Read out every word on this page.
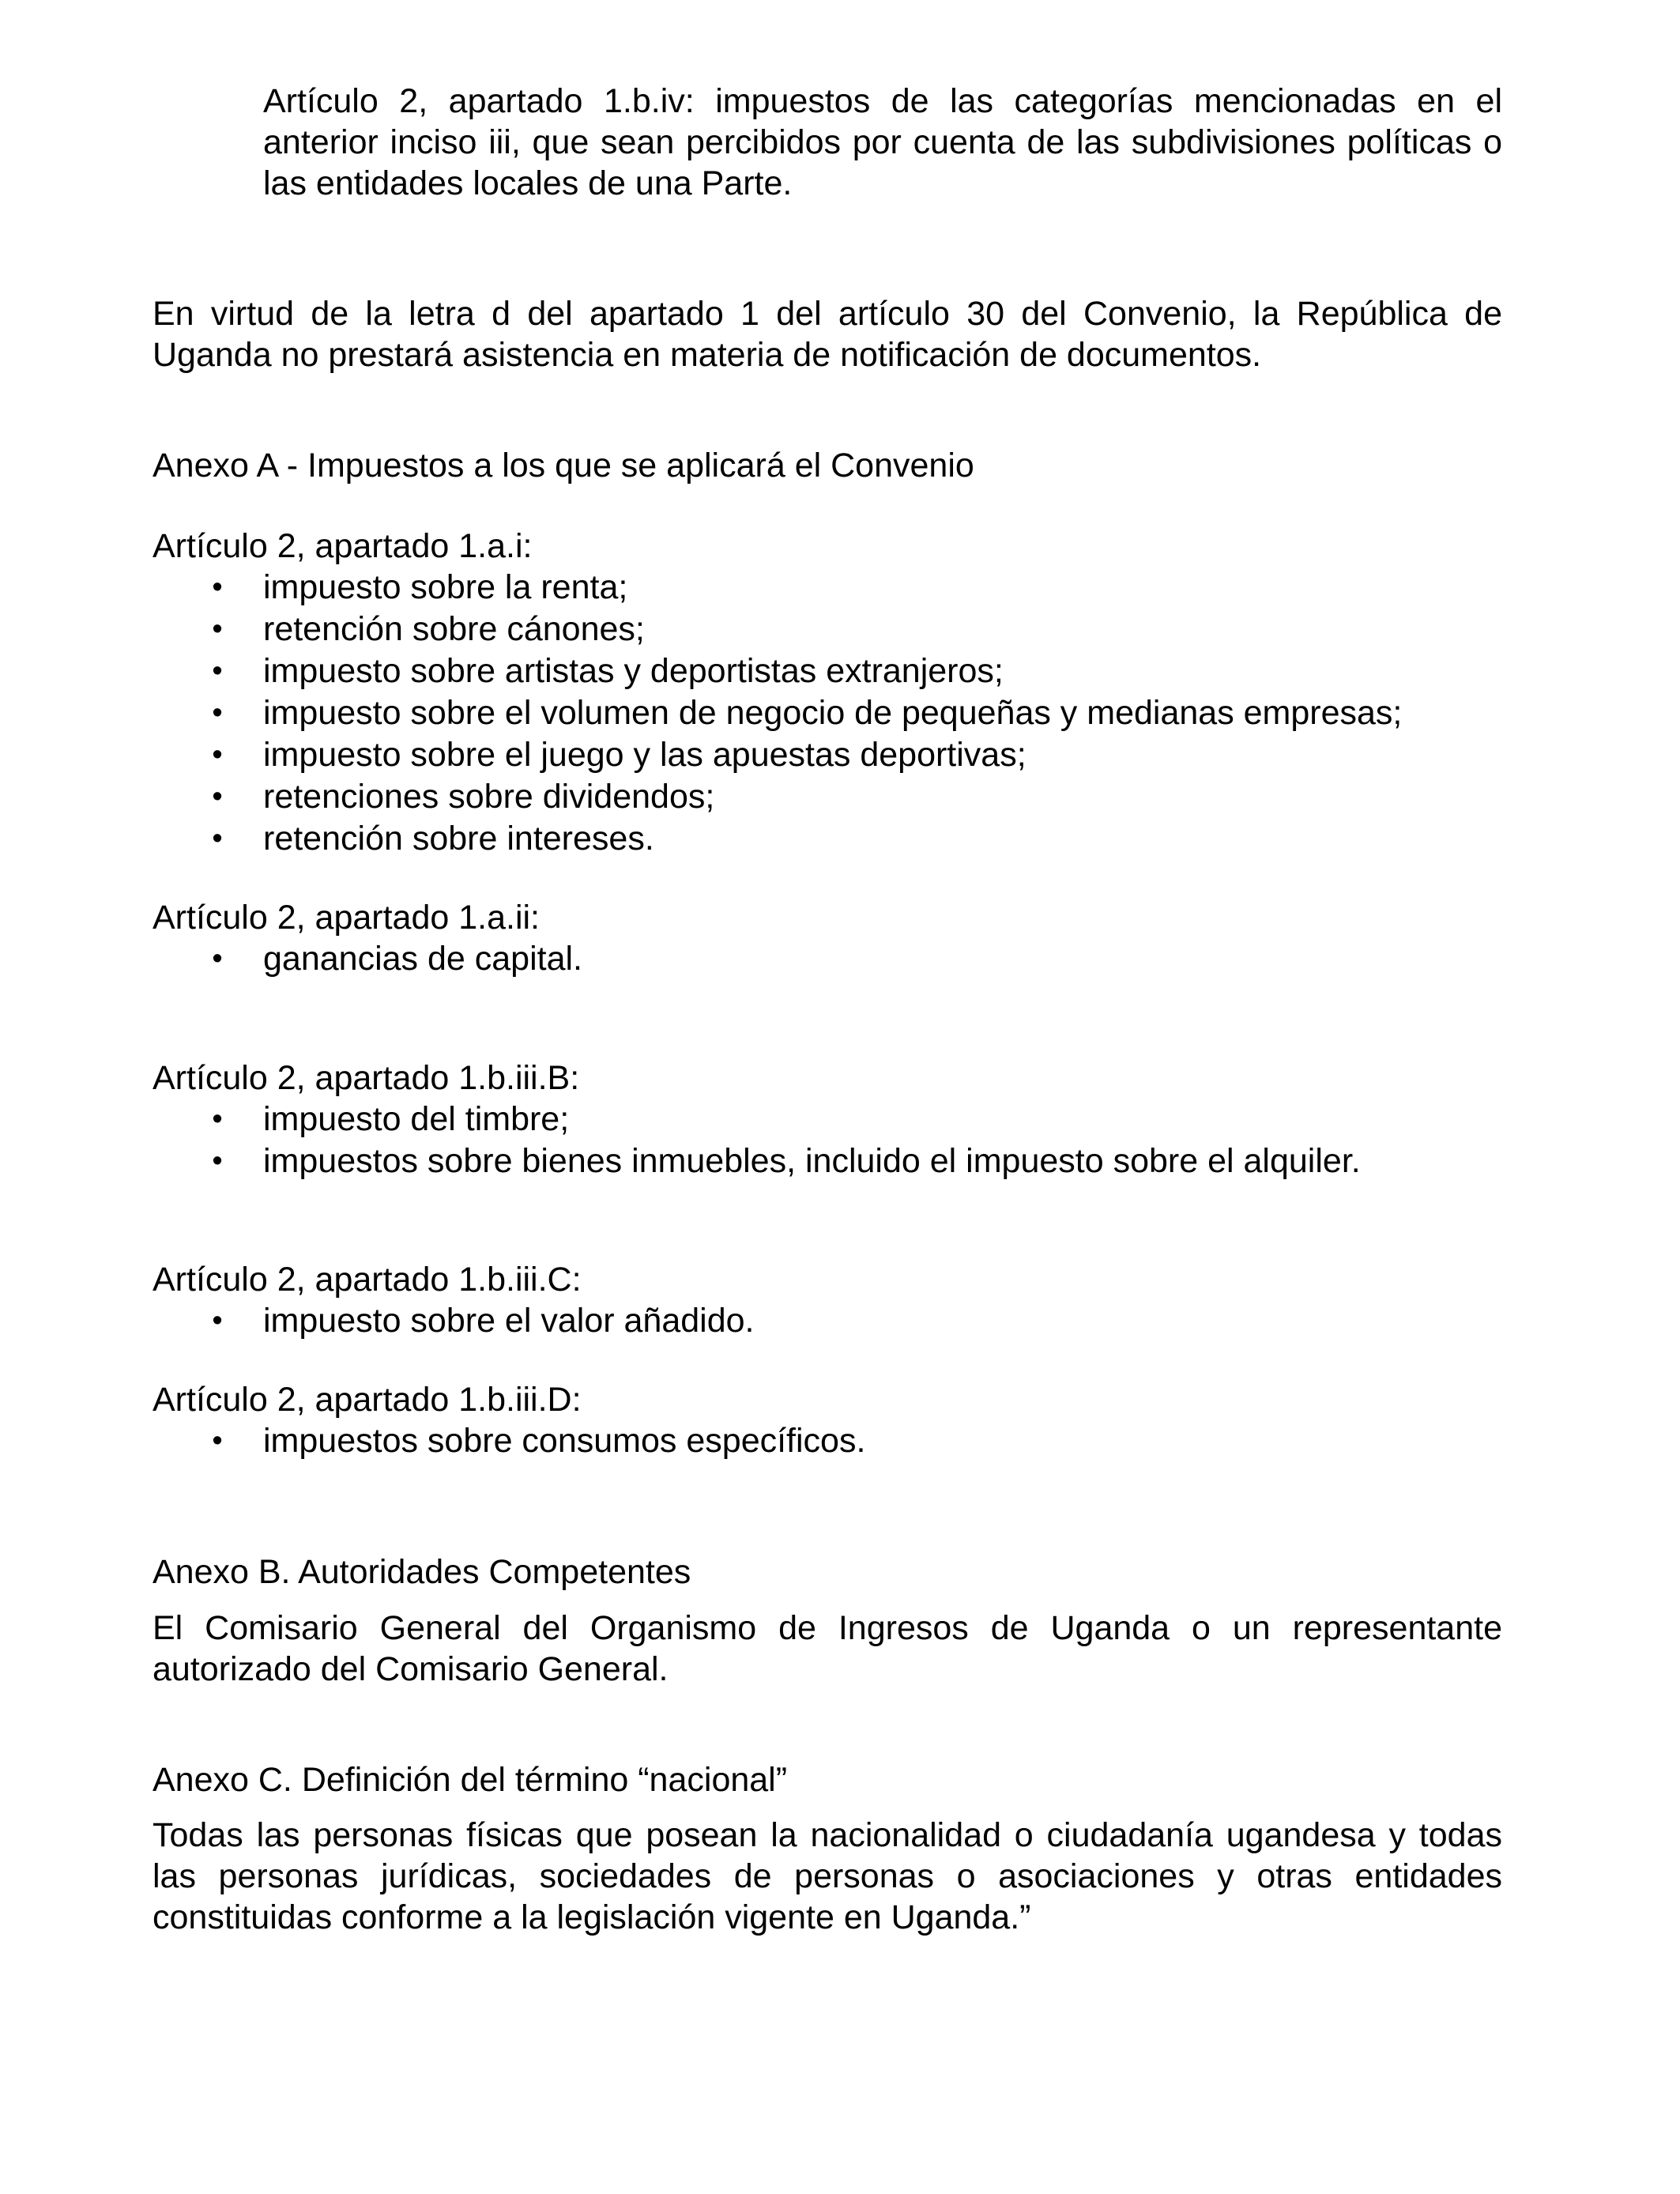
Artículo 2, apartado 1.b.iv: impuestos de las categorías mencionadas en el anterior inciso iii, que sean percibidos por cuenta de las subdivisiones políticas o las entidades locales de una Parte.
En virtud de la letra d del apartado 1 del artículo 30 del Convenio, la República de Uganda no prestará asistencia en materia de notificación de documentos.
Anexo A - Impuestos a los que se aplicará el Convenio
Artículo 2, apartado 1.a.i:
• impuesto sobre la renta;
• retención sobre cánones;
• impuesto sobre artistas y deportistas extranjeros;
• impuesto sobre el volumen de negocio de pequeñas y medianas empresas;
• impuesto sobre el juego y las apuestas deportivas;
• retenciones sobre dividendos;
• retención sobre intereses.
Artículo 2, apartado 1.a.ii:
• ganancias de capital.
Artículo 2, apartado 1.b.iii.B:
• impuesto del timbre;
• impuestos sobre bienes inmuebles, incluido el impuesto sobre el alquiler.
Artículo 2, apartado 1.b.iii.C:
• impuesto sobre el valor añadido.
Artículo 2, apartado 1.b.iii.D:
• impuestos sobre consumos específicos.
Anexo B. Autoridades Competentes
El Comisario General del Organismo de Ingresos de Uganda o un representante autorizado del Comisario General.
Anexo C. Definición del término “nacional”
Todas las personas físicas que posean la nacionalidad o ciudadanía ugandesa y todas las personas jurídicas, sociedades de personas o asociaciones y otras entidades constituidas conforme a la legislación vigente en Uganda.”
